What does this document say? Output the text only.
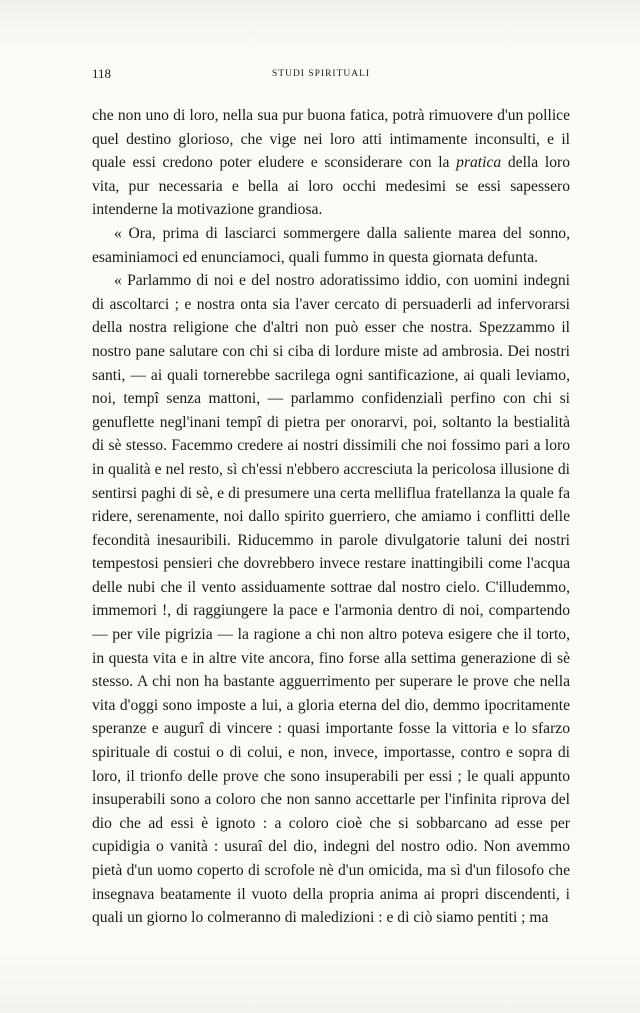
118	STUDI SPIRITUALI

che non uno di loro, nella sua pur buona fatica, potrà rimuovere d'un pollice quel destino glorioso, che vige nei loro atti intimamente inconsulti, e il quale essi credono poter eludere e sconsiderare con la pratica della loro vita, pur necessaria e bella ai loro occhi medesimi se essi sapessero intenderne la motivazione grandiosa.

« Ora, prima di lasciarci sommergere dalla saliente marea del sonno, esaminiamoci ed enunciamoci, quali fummo in questa giornata defunta.

« Parlammo di noi e del nostro adoratissimo iddio, con uomini indegni di ascoltarci ; e nostra onta sia l'aver cercato di persuaderli ad infervorarsi della nostra religione che d'altri non può esser che nostra. Spezzammo il nostro pane salutare con chi si ciba di lordure miste ad ambrosia. Dei nostri santi, — ai quali tornerebbe sacrilega ogni santificazione, ai quali leviamo, noi, tempî senza mattoni, — parlammo confidenzialì perfino con chi si genuflette negl'inani tempî di pietra per onorarvi, poi, soltanto la bestialità di sè stesso. Facemmo credere ai nostri dissimili che noi fossimo pari a loro in qualità e nel resto, sì ch'essi n'ebbero accresciuta la pericolosa illusione di sentirsi paghi di sè, e di presumere una certa melliflua fratellanza la quale fa ridere, serenamente, noi dallo spirito guerriero, che amiamo i conflitti delle fecondità inesauribili. Riducemmo in parole divulgatorie taluni dei nostri tempestosi pensieri che dovrebbero invece restare inattingibili come l'acqua delle nubi che il vento assiduamente sottrae dal nostro cielo. C'illudemmo, immemori !, di raggiungere la pace e l'armonia dentro di noi, compartendo — per vile pigrizia — la ragione a chi non altro poteva esigere che il torto, in questa vita e in altre vite ancora, fino forse alla settima generazione di sè stesso. A chi non ha bastante agguerrimento per superare le prove che nella vita d'oggi sono imposte a lui, a gloria eterna del dio, demmo ipocritamente speranze e augurî di vincere : quasi importante fosse la vittoria e lo sfarzo spirituale di costui o di colui, e non, invece, importasse, contro e sopra di loro, il trionfo delle prove che sono insuperabili per essi ; le quali appunto insuperabili sono a coloro che non sanno accettarle per l'infinita riprova del dio che ad essi è ignoto : a coloro cioè che si sobbarcano ad esse per cupidigia o vanità : usuraî del dio, indegni del nostro odio. Non avemmo pietà d'un uomo coperto di scrofole nè d'un omicida, ma sì d'un filosofo che insegnava beatamente il vuoto della propria anima ai propri discendenti, i quali un giorno lo colmeranno di maledizioni : e di ciò siamo pentiti ; ma
